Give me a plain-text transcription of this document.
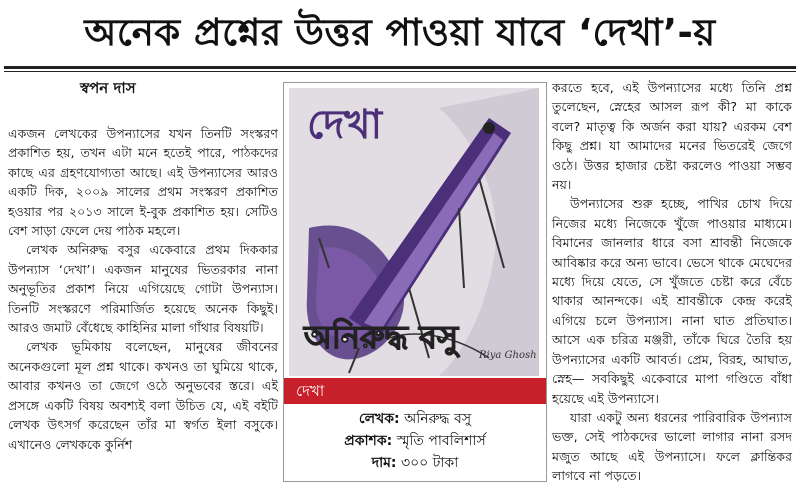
অনেক প্রশ্নের উত্তর পাওয়া যাবে ‘দেখা’-য়
স্বপন দাস

একজন লেখকের উপন্যাসের যখন তিনটি সংস্করণ প্রকাশিত হয়, তখন এটা মনে হতেই পারে, পাঠকদের কাছে এর গ্রহণযোগ্যতা আছে। এই উপন্যাসের আরও একটি দিক, ২০০৯ সালের প্রথম সংস্করণ প্রকাশিত হওয়ার পর ২০১৩ সালে ই-বুক প্রকাশিত হয়। সেটিও বেশ সাড়া ফেলে দেয় পাঠক মহলে।

লেখক অনিরুদ্ধ বসুর একেবারে প্রথম দিককার উপন্যাস ‘দেখা’। একজন মানুষের ভিতরকার নানা অনুভূতির প্রকাশ নিয়ে এগিয়েছে গোটা উপন্যাস। তিনটি সংস্করণে পরিমার্জিত হয়েছে অনেক কিছুই। আরও জমাট বেঁধেছে কাহিনির মালা গাঁথার বিষয়টি।

লেখক ভূমিকায় বলেছেন, মানুষের জীবনের অনেকগুলো মূল প্রশ্ন থাকে। কখনও তা ঘুমিয়ে থাকে, আবার কখনও তা জেগে ওঠে অনুভবের স্তরে। এই প্রসঙ্গে একটি বিষয় অবশ্যই বলা উচিত যে, এই বইটি লেখক উৎসর্গ করেছেন তাঁর মা স্বর্গত ইলা বসুকে। এখানেও লেখককে কুর্নিশ

দেখা
অনিরুদ্ধ বসু Riya Ghosh
দেখা
লেখক: অনিরুদ্ধ বসু
প্রকাশক: স্মৃতি পাবলিশার্স
দাম: ৩০০ টাকা

করতে হবে, এই উপন্যাসের মধ্যে তিনি প্রশ্ন তুলেছেন, স্নেহের আসল রূপ কী? মা কাকে বলে? মাতৃত্ব কি অর্জন করা যায়? এরকম বেশ কিছু প্রশ্ন। যা আমাদের মনের ভিতরেই জেগে ওঠে। উত্তর হাজার চেষ্টা করলেও পাওয়া সম্ভব নয়।

উপন্যাসের শুরু হচ্ছে, পাখির চোখ দিয়ে নিজের মধ্যে নিজেকে খুঁজে পাওয়ার মাধ্যমে। বিমানের জানলার ধারে বসা শ্রাবন্তী নিজেকে আবিষ্কার করে অন্য ভাবে। ভেসে থাকে মেঘেদের মধ্যে দিয়ে যেতে, সে খুঁজতে চেষ্টা করে বেঁচে থাকার আনন্দকে। এই শ্রাবন্তীকে কেন্দ্র করেই এগিয়ে চলে উপন্যাস। নানা ঘাত প্রতিঘাত। আসে এক চরিত্র মঞ্জরী, তাঁকে ঘিরে তৈরি হয় উপন্যাসের একটি আবর্ত। প্রেম, বিরহ, আঘাত, স্নেহ— সবকিছুই একেবারে মাপা গণ্ডিতে বাঁধা হয়েছে এই উপন্যাসে।

যারা একটু অন্য ধরনের পারিবারিক উপন্যাস ভক্ত, সেই পাঠকদের ভালো লাগার নানা রসদ মজুত আছে এই উপন্যাসে। ফলে ক্লান্তিকর লাগবে না পড়তে।
